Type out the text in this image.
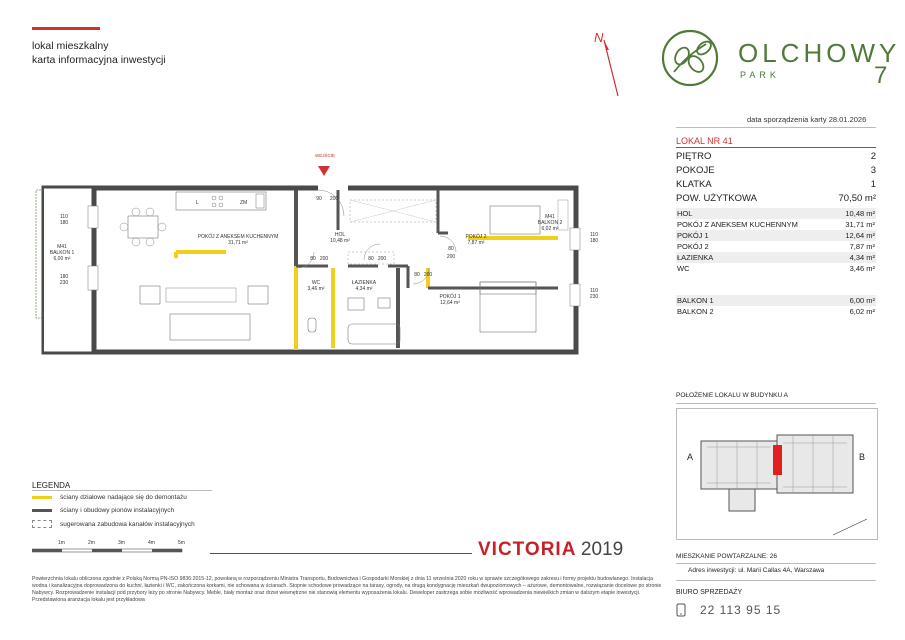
lokal mieszkalny
karta informacyjna inwestycji
N
OLCHOWY
PARK	7
data sporządzenia karty 28.01.2026
LOKAL NR 41
PIĘTRO	2
POKOJE	3
KLATKA	1
POW. UŻYTKOWA	70,50 m²
HOL	10,48 m²
POKÓJ Z ANEKSEM KUCHENNYM	31,71 m²
POKÓJ 1	12,64 m²
POKÓJ 2	7,87 m²
ŁAZIENKA	4,34 m²
WC	3,46 m²
BALKON 1	6,00 m²
BALKON 2	6,02 m²
L	ZM
WEJŚCIE
POKÓJ Z ANEKSEM KUCHENNYM
31,71 m²
HOL
10,48 m²
POKÓJ 2
7,87 m²
WC
3,46 m²
ŁAZIENKA
4,34 m²
POKÓJ 1
12,64 m²
M41
BALKON 1
6,00 m²
M41
BALKON 2
6,02 m²
110
180
180
230
110
180
110
230
90	200
80
200
80 200	80 200
80 200
POŁOŻENIE LOKALU W BUDYNKU A
A	B
MIESZKANIE POWTARZALNE: 26
Adres inwestycji: ul. Marii Callas 4A, Warszawa
BIURO SPRZEDAŻY
22 113 95 15
LEGENDA
ściany działowe nadające się do demontażu
ściany i obudowy pionów instalacyjnych
sugerowana zabudowa kanałów instalacyjnych
1m	2m	3m	4m	5m	VICTORIA 2019
Powierzchnia lokalu obliczona zgodnie z Polską Normą PN-ISO 9836:2015-12, powołaną w rozporządzeniu Ministra Transportu, Budownictwa i Gospodarki Morskiej z dnia 11 września 2020 roku w sprawie szczegółowego zakresu i formy projektu budowlanego. Instalacja wodna i kanalizacyjna doprowadzona do kuchni, łazienki i WC, zakończona korkami, nie schowana w ścianach. Stopnie schodowe prowadzące na tarasy, ogrody, na drugą kondygnację mieszkań dwupoziomowych – ażurowe, demontowalne, rozwiązanie docelowe po stronie Nabywcy. Rozprowadzenie instalacji pod przybory leży po stronie Nabywcy. Meble, biały montaż oraz drzwi wewnętrzne nie stanowią elementu wyposażenia lokalu. Deweloper zastrzega sobie możliwość wprowadzenia niewielkich zmian w dalszym etapie inwestycji. Przedstawiona aranżacja lokalu jest przykładowa
